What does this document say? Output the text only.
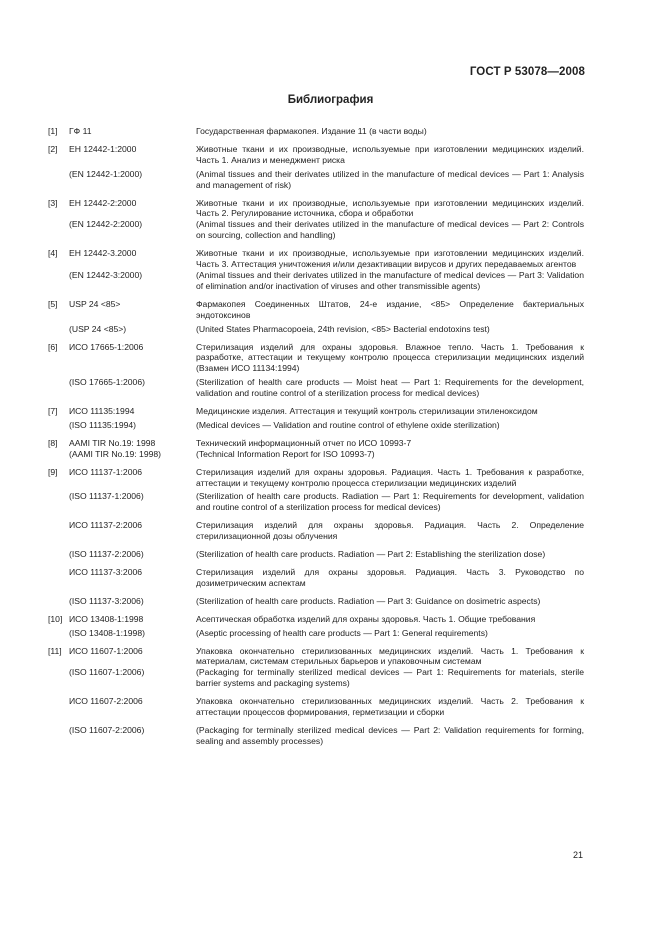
ГОСТ Р 53078—2008
Библиография
[1]	ГФ 11	Государственная фармакопея. Издание 11 (в части воды)
[2]	EH 12442-1:2000	Животные ткани и их производные, используемые при изготовлении медицинских изделий. Часть 1. Анализ и менеджмент риска
(EN 12442-1:2000)	(Animal tissues and their derivates utilized in the manufacture of medical devices — Part 1: Analysis and management of risk)
[3]	EH 12442-2:2000	Животные ткани и их производные, используемые при изготовлении медицинских изделий. Часть 2. Регулирование источника, сбора и обработки
(EN 12442-2:2000)	(Animal tissues and their derivates utilized in the manufacture of medical devices — Part 2: Controls on sourcing, collection and handling)
[4]	EH 12442-3.2000	Животные ткани и их производные, используемые при изготовлении медицинских изделий. Часть 3. Аттестация уничтожения и/или дезактивации вирусов и других передаваемых агентов
(EN 12442-3:2000)	(Animal tissues and their derivates utilized in the manufacture of medical devices — Part 3: Validation of elimination and/or inactivation of viruses and other transmissible agents)
[5]	USP 24 <85>	Фармакопея Соединенных Штатов, 24-е издание, <85> Определение бактериальных эндотоксинов
(USP 24 <85>)	(United States Pharmacopoeia, 24th revision, <85> Bacterial endotoxins test)
[6]	ИСО 17665-1:2006	Стерилизация изделий для охраны здоровья. Влажное тепло. Часть 1. Требования к разработке, аттестации и текущему контролю процесса стерилизации медицинских изделий (Взамен ИСО 11134:1994)
(ISO 17665-1:2006)	(Sterilization of health care products — Moist heat — Part 1: Requirements for the development, validation and routine control of a sterilization process for medical devices)
[7]	ИСО 11135:1994	Медицинские изделия. Аттестация и текущий контроль стерилизации этиленоксидом
(ISO 11135:1994)	(Medical devices — Validation and routine control of ethylene oxide sterilization)
[8]	AAMI TIR No.19: 1998	Технический информационный отчет по ИСО 10993-7
(AAMI TIR No.19: 1998)	(Technical Information Report for ISO 10993-7)
[9]	ИСО 11137-1:2006	Стерилизация изделий для охраны здоровья. Радиация. Часть 1. Требования к разработке, аттестации и текущему контролю процесса стерилизации медицинских изделий
(ISO 11137-1:2006)	(Sterilization of health care products. Radiation — Part 1: Requirements for development, validation and routine control of a sterilization process for medical devices)
ИСО 11137-2:2006	Стерилизация изделий для охраны здоровья. Радиация. Часть 2. Определение стерилизационной дозы облучения
(ISO 11137-2:2006)	(Sterilization of health care products. Radiation — Part 2: Establishing the sterilization dose)
ИСО 11137-3:2006	Стерилизация изделий для охраны здоровья. Радиация. Часть 3. Руководство по дозиметрическим аспектам
(ISO 11137-3:2006)	(Sterilization of health care products. Radiation — Part 3: Guidance on dosimetric aspects)
[10] ИСО 13408-1:1998	Асептическая обработка изделий для охраны здоровья. Часть 1. Общие требования
(ISO 13408-1:1998)	(Aseptic processing of health care products — Part 1: General requirements)
[11] ИСО 11607-1:2006	Упаковка окончательно стерилизованных медицинских изделий. Часть 1. Требования к материалам, системам стерильных барьеров и упаковочным системам
(ISO 11607-1:2006)	(Packaging for terminally sterilized medical devices — Part 1: Requirements for materials, sterile barrier systems and packaging systems)
ИСО 11607-2:2006	Упаковка окончательно стерилизованных медицинских изделий. Часть 2. Требования к аттестации процессов формирования, герметизации и сборки
(ISO 11607-2:2006)	(Packaging for terminally sterilized medical devices — Part 2: Validation requirements for forming, sealing and assembly processes)
21
